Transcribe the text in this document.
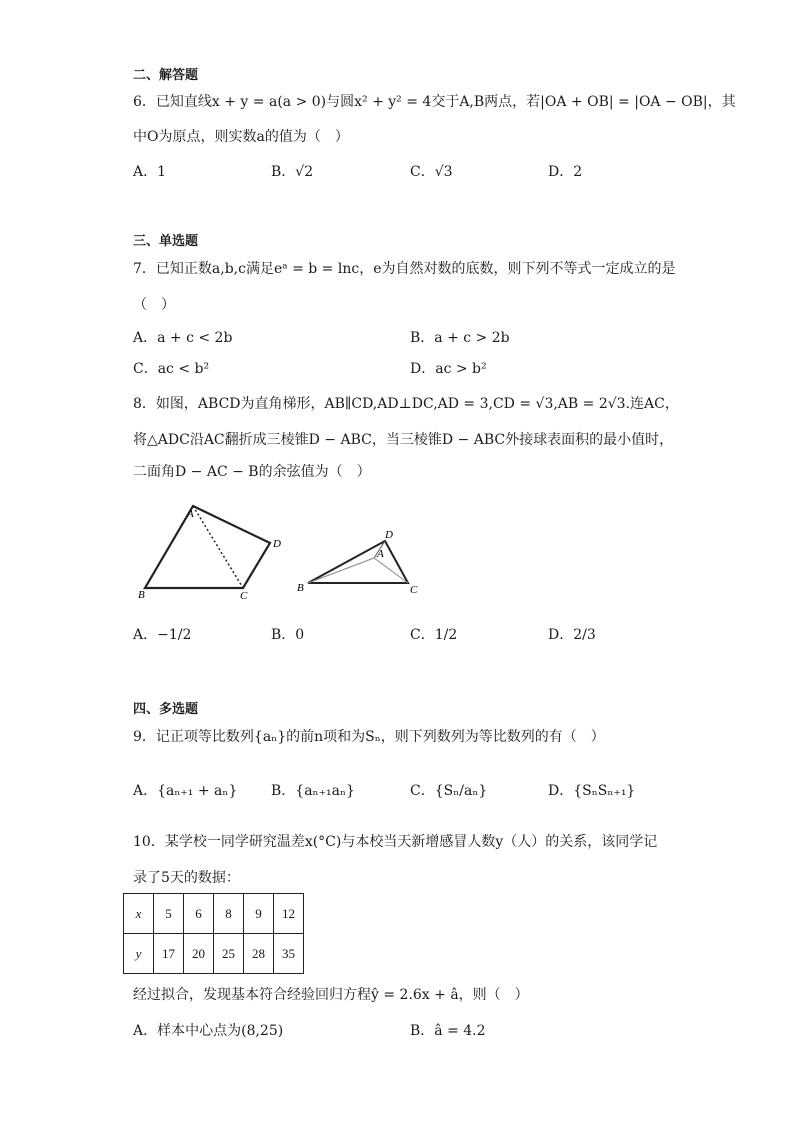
二、解答题
6．已知直线x + y = a(a > 0)与圆x² + y² = 4交于A,B两点，若|OA + OB| = |OA − OB|，其
中O为原点，则实数a的值为（　）
A．1	B．√2	C．√3	D．2
三、单选题
7．已知正数a,b,c满足eᵃ = b = lnc，e为自然对数的底数，则下列不等式一定成立的是
（　）
A．a + c < 2b	B．a + c > 2b
C．ac < b²	D．ac > b²
8．如图，ABCD为直角梯形，AB∥CD,AD⊥DC,AD = 3,CD = √3,AB = 2√3.连AC，
将△ADC沿AC翻折成三棱锥D − ABC，当三棱锥D − ABC外接球表面积的最小值时，
二面角D − AC − B的余弦值为（　）
A
B	C
D
D
A
B	C
A．−1/2	B．0	C．1/2	D．2/3
四、多选题
9．记正项等比数列{aₙ}的前n项和为Sₙ，则下列数列为等比数列的有（　）
A．{aₙ₊₁ + aₙ} B．{aₙ₊₁aₙ}	C．{Sₙ/aₙ}	D．{SₙSₙ₊₁}
10．某学校一同学研究温差x(°C)与本校当天新增感冒人数y（人）的关系，该同学记
录了5天的数据：
x	5	6	8	9	12
y	17	20	25	28	35
经过拟合，发现基本符合经验回归方程ŷ = 2.6x + â，则（　）
A．样本中心点为(8,25)	B．â = 4.2
